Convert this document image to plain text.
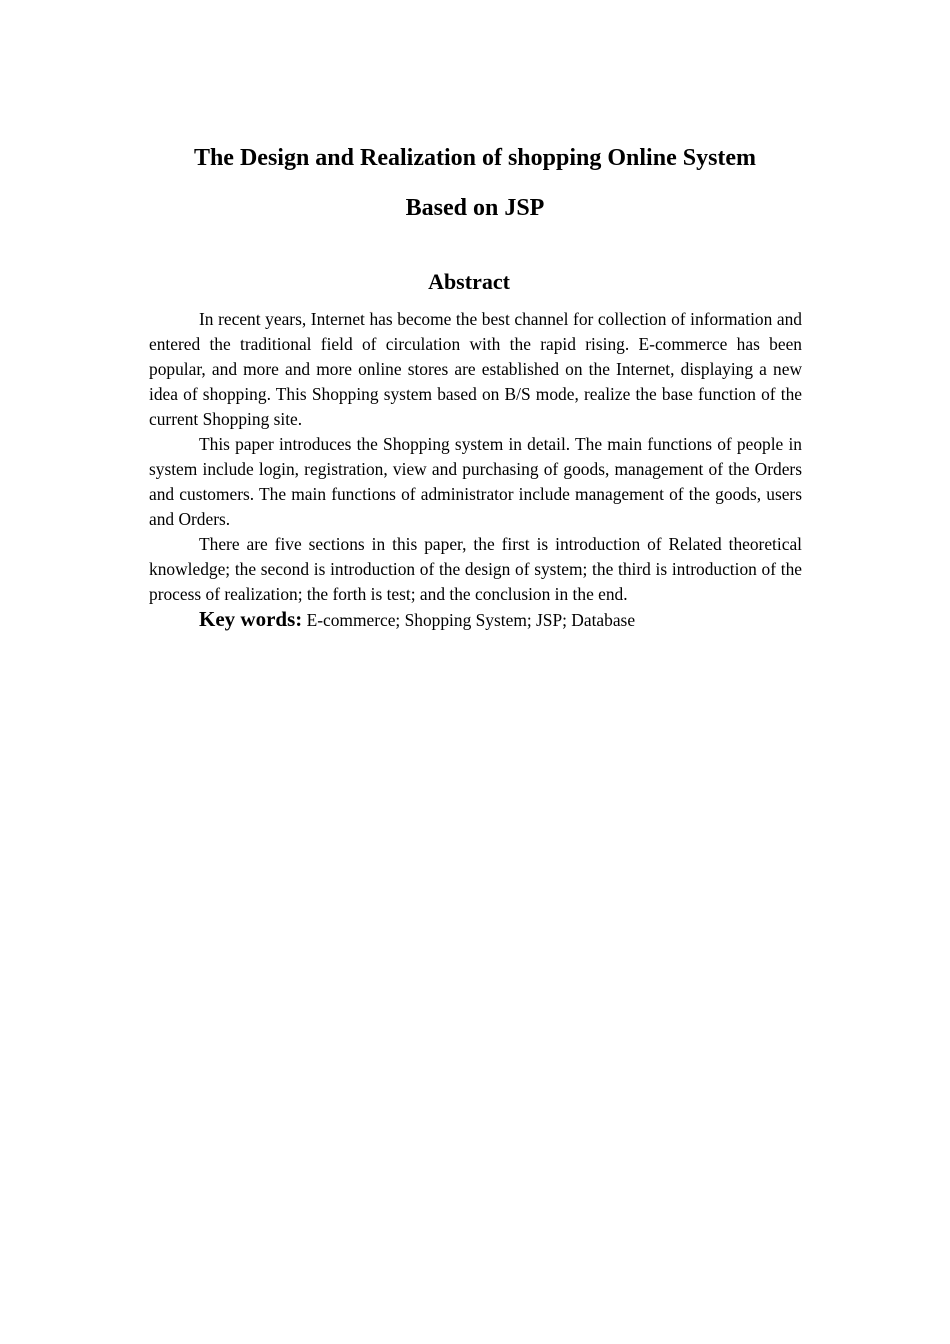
The Design and Realization of shopping Online System
Based on JSP
Abstract

In recent years, Internet has become the best channel for collection of information and entered the traditional field of circulation with the rapid rising. E-commerce has been popular, and more and more online stores are established on the Internet, displaying a new idea of shopping. This Shopping system based on B/S mode, realize the base function of the current Shopping site.

This paper introduces the Shopping system in detail. The main functions of people in system include login, registration, view and purchasing of goods, management of the Orders and customers. The main functions of administrator include management of the goods, users and Orders.

There are five sections in this paper, the first is introduction of Related theoretical knowledge; the second is introduction of the design of system; the third is introduction of the process of realization; the forth is test; and the conclusion in the end.

Key words: E-commerce; Shopping System; JSP; Database
